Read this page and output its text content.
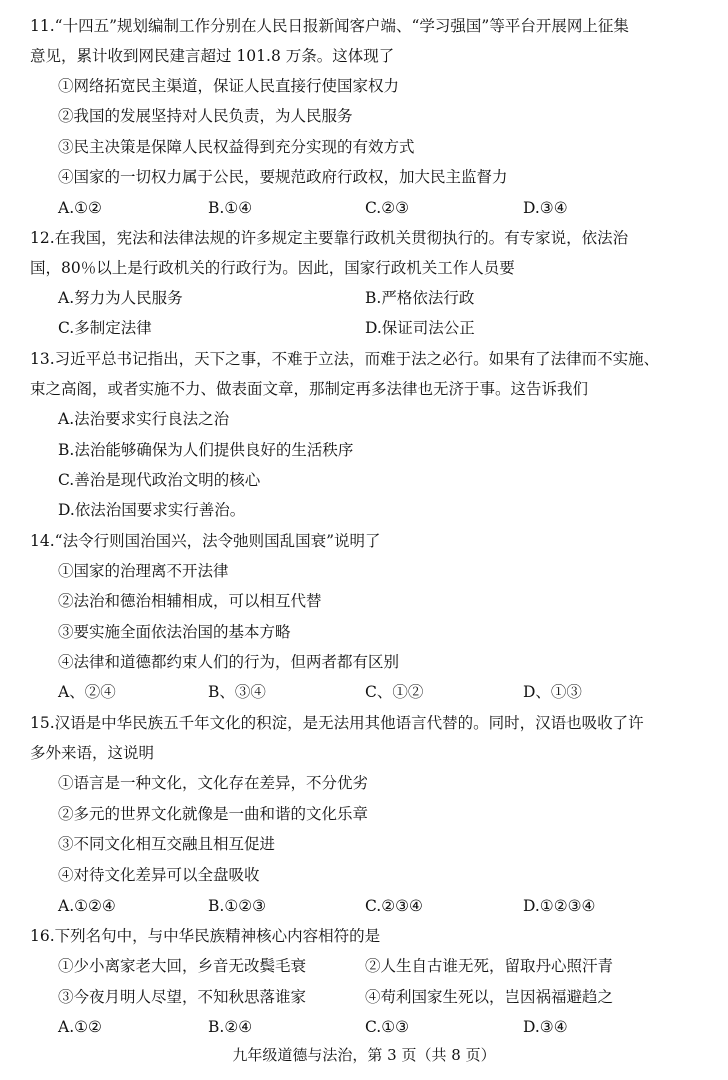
11.“十四五”规划编制工作分别在人民日报新闻客户端、“学习强国”等平台开展网上征集
意见，累计收到网民建言超过 101.8 万条。这体现了
①网络拓宽民主渠道，保证人民直接行使国家权力
②我国的发展坚持对人民负责，为人民服务
③民主决策是保障人民权益得到充分实现的有效方式
④国家的一切权力属于公民，要规范政府行政权，加大民主监督力
A.①②	B.①④	C.②③	D.③④
12.在我国，宪法和法律法规的许多规定主要靠行政机关贯彻执行的。有专家说，依法治
国，80％以上是行政机关的行政行为。因此，国家行政机关工作人员要
A.努力为人民服务	B.严格依法行政
C.多制定法律	D.保证司法公正
13.习近平总书记指出，天下之事，不难于立法，而难于法之必行。如果有了法律而不实施、
束之高阁，或者实施不力、做表面文章，那制定再多法律也无济于事。这告诉我们
A.法治要求实行良法之治
B.法治能够确保为人们提供良好的生活秩序
C.善治是现代政治文明的核心
D.依法治国要求实行善治。
14.“法令行则国治国兴，法令弛则国乱国衰”说明了
①国家的治理离不开法律
②法治和德治相辅相成，可以相互代替
③要实施全面依法治国的基本方略
④法律和道德都约束人们的行为，但两者都有区别
A、②④	B、③④	C、①②	D、①③
15.汉语是中华民族五千年文化的积淀，是无法用其他语言代替的。同时，汉语也吸收了许
多外来语，这说明
①语言是一种文化，文化存在差异，不分优劣
②多元的世界文化就像是一曲和谐的文化乐章
③不同文化相互交融且相互促进
④对待文化差异可以全盘吸收
A.①②④	B.①②③	C.②③④	D.①②③④
16.下列名句中，与中华民族精神核心内容相符的是
①少小离家老大回，乡音无改鬓毛衰	②人生自古谁无死，留取丹心照汗青
③今夜月明人尽望，不知秋思落谁家	④苟利国家生死以，岂因祸福避趋之
A.①②	B.②④	C.①③	D.③④
九年级道德与法治，第 3 页（共 8 页）
